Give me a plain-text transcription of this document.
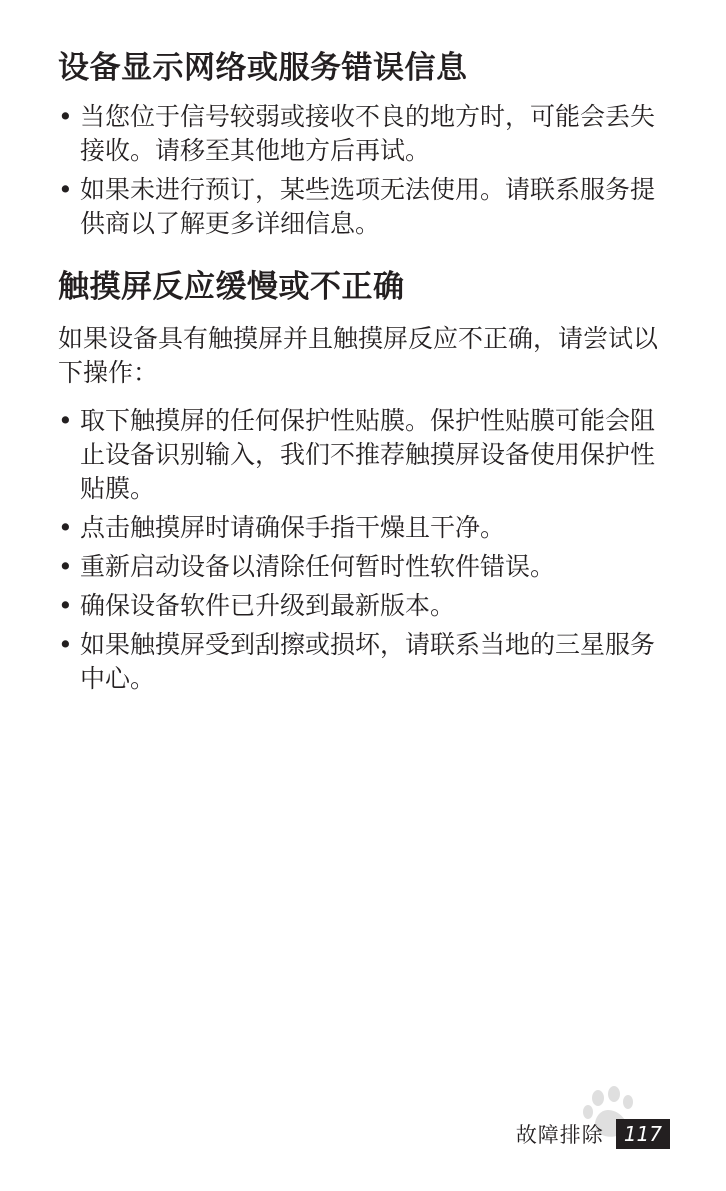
设备显示网络或服务错误信息
• 当您位于信号较弱或接收不良的地方时，可能会丢失接收。请移至其他地方后再试。
• 如果未进行预订，某些选项无法使用。请联系服务提供商以了解更多详细信息。
触摸屏反应缓慢或不正确

如果设备具有触摸屏并且触摸屏反应不正确，请尝试以下操作：

• 取下触摸屏的任何保护性贴膜。保护性贴膜可能会阻止设备识别输入，我们不推荐触摸屏设备使用保护性贴膜。
• 点击触摸屏时请确保手指干燥且干净。
• 重新启动设备以清除任何暂时性软件错误。
• 确保设备软件已升级到最新版本。
• 如果触摸屏受到刮擦或损坏，请联系当地的三星服务中心。
故障排除	117
